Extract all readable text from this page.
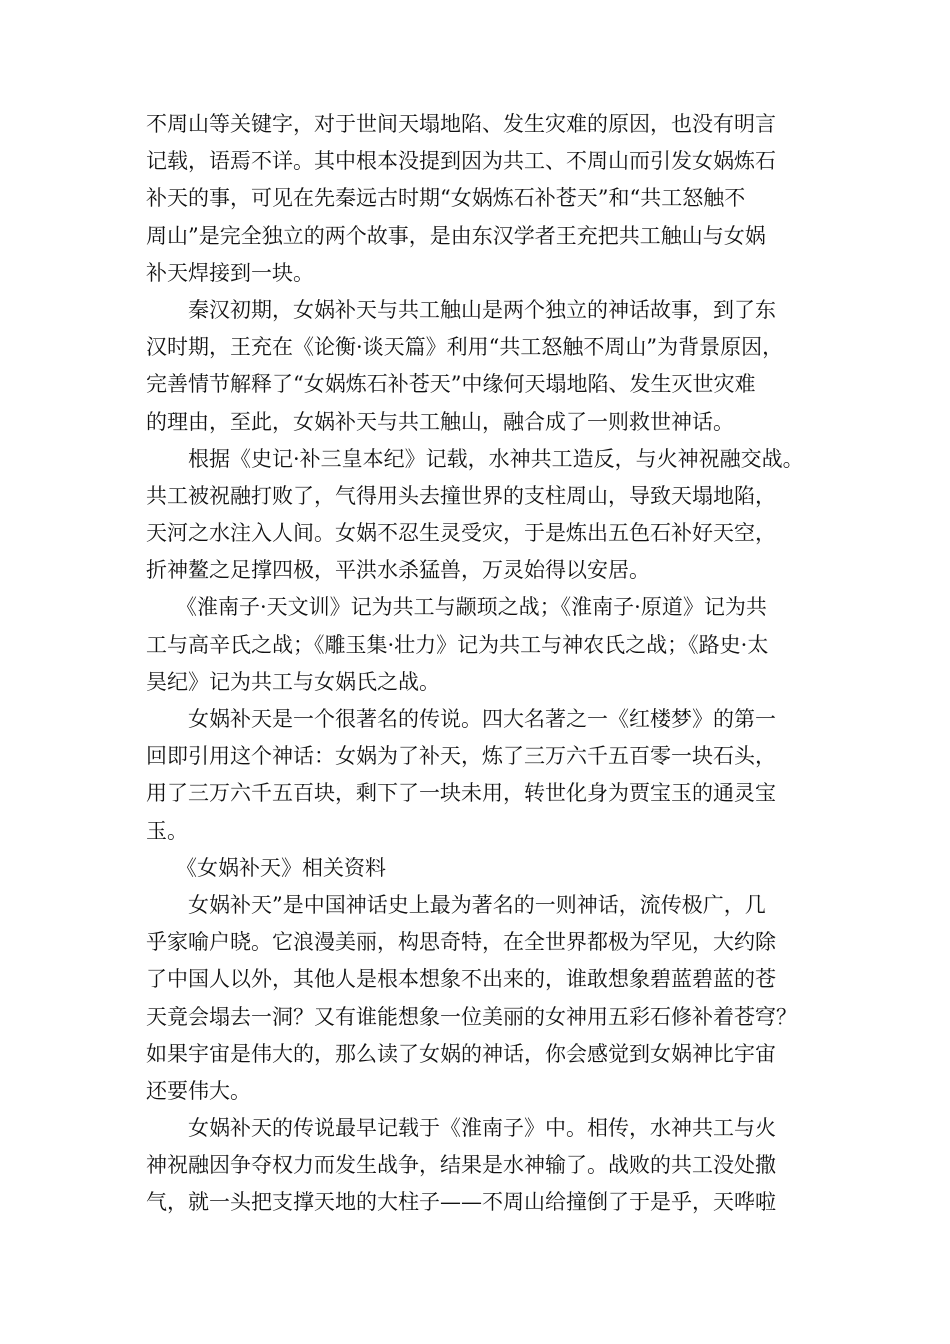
不周山等关键字，对于世间天塌地陷、发生灾难的原因，也没有明言
记载，语焉不详。其中根本没提到因为共工、不周山而引发女娲炼石
补天的事，可见在先秦远古时期“女娲炼石补苍天”和“共工怒触不
周山”是完全独立的两个故事，是由东汉学者王充把共工触山与女娲
补天焊接到一块。
秦汉初期，女娲补天与共工触山是两个独立的神话故事，到了东
汉时期，王充在《论衡·谈天篇》利用“共工怒触不周山”为背景原因，
完善情节解释了“女娲炼石补苍天”中缘何天塌地陷、发生灭世灾难
的理由，至此，女娲补天与共工触山，融合成了一则救世神话。
根据《史记·补三皇本纪》记载，水神共工造反，与火神祝融交战。
共工被祝融打败了，气得用头去撞世界的支柱周山，导致天塌地陷，
天河之水注入人间。女娲不忍生灵受灾，于是炼出五色石补好天空，
折神鳌之足撑四极，平洪水杀猛兽，万灵始得以安居。
《淮南子·天文训》记为共工与颛顼之战；《淮南子·原道》记为共
工与高辛氏之战；《雕玉集·壮力》记为共工与神农氏之战；《路史·太
昊纪》记为共工与女娲氏之战。
女娲补天是一个很著名的传说。四大名著之一《红楼梦》的第一
回即引用这个神话：女娲为了补天，炼了三万六千五百零一块石头，
用了三万六千五百块，剩下了一块未用，转世化身为贾宝玉的通灵宝
玉。
《女娲补天》相关资料
女娲补天”是中国神话史上最为著名的一则神话，流传极广，几
乎家喻户晓。它浪漫美丽，构思奇特，在全世界都极为罕见，大约除
了中国人以外，其他人是根本想象不出来的，谁敢想象碧蓝碧蓝的苍
天竟会塌去一洞？又有谁能想象一位美丽的女神用五彩石修补着苍穹？
如果宇宙是伟大的，那么读了女娲的神话，你会感觉到女娲神比宇宙
还要伟大。
女娲补天的传说最早记载于《淮南子》中。相传，水神共工与火
神祝融因争夺权力而发生战争，结果是水神输了。战败的共工没处撒
气，就一头把支撑天地的大柱子——不周山给撞倒了于是乎，天哗啦
